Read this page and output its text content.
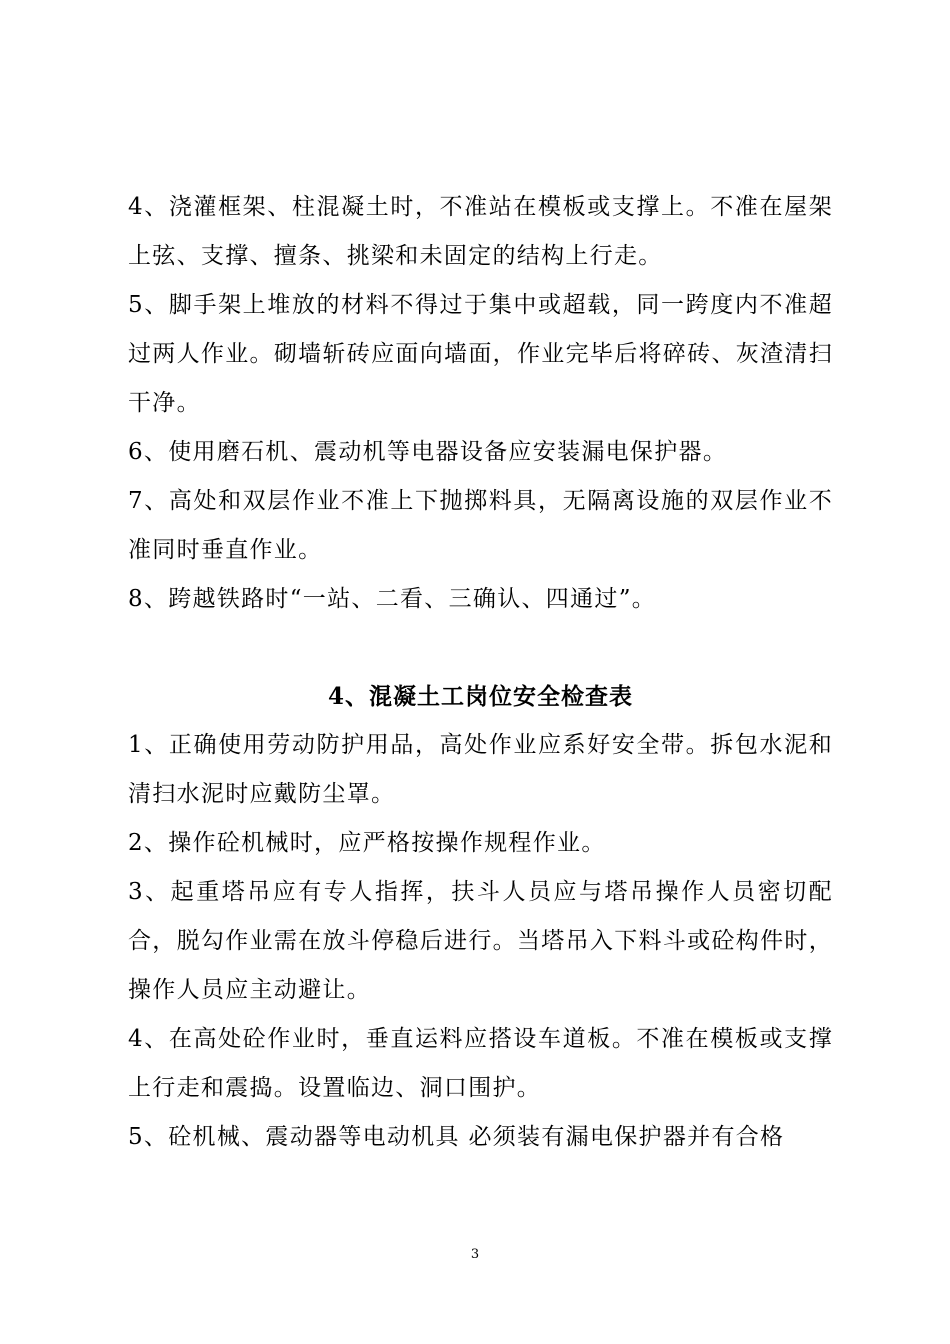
4、浇灌框架、柱混凝土时，不准站在模板或支撑上。不准在屋架上弦、支撑、擅条、挑梁和未固定的结构上行走。

5、脚手架上堆放的材料不得过于集中或超载，同一跨度内不准超过两人作业。砌墙斩砖应面向墙面，作业完毕后将碎砖、灰渣清扫干净。

6、使用磨石机、震动机等电器设备应安装漏电保护器。

7、高处和双层作业不准上下抛掷料具，无隔离设施的双层作业不准同时垂直作业。

8、跨越铁路时“一站、二看、三确认、四通过”。

4、混凝土工岗位安全检查表

1、正确使用劳动防护用品，高处作业应系好安全带。拆包水泥和清扫水泥时应戴防尘罩。

2、操作砼机械时，应严格按操作规程作业。

3、起重塔吊应有专人指挥，扶斗人员应与塔吊操作人员密切配合，脱勾作业需在放斗停稳后进行。当塔吊入下料斗或砼构件时，操作人员应主动避让。

4、在高处砼作业时，垂直运料应搭设车道板。不准在模板或支撑上行走和震捣。设置临边、洞口围护。

5、砼机械、震动器等电动机具 必须装有漏电保护器并有合格

3
